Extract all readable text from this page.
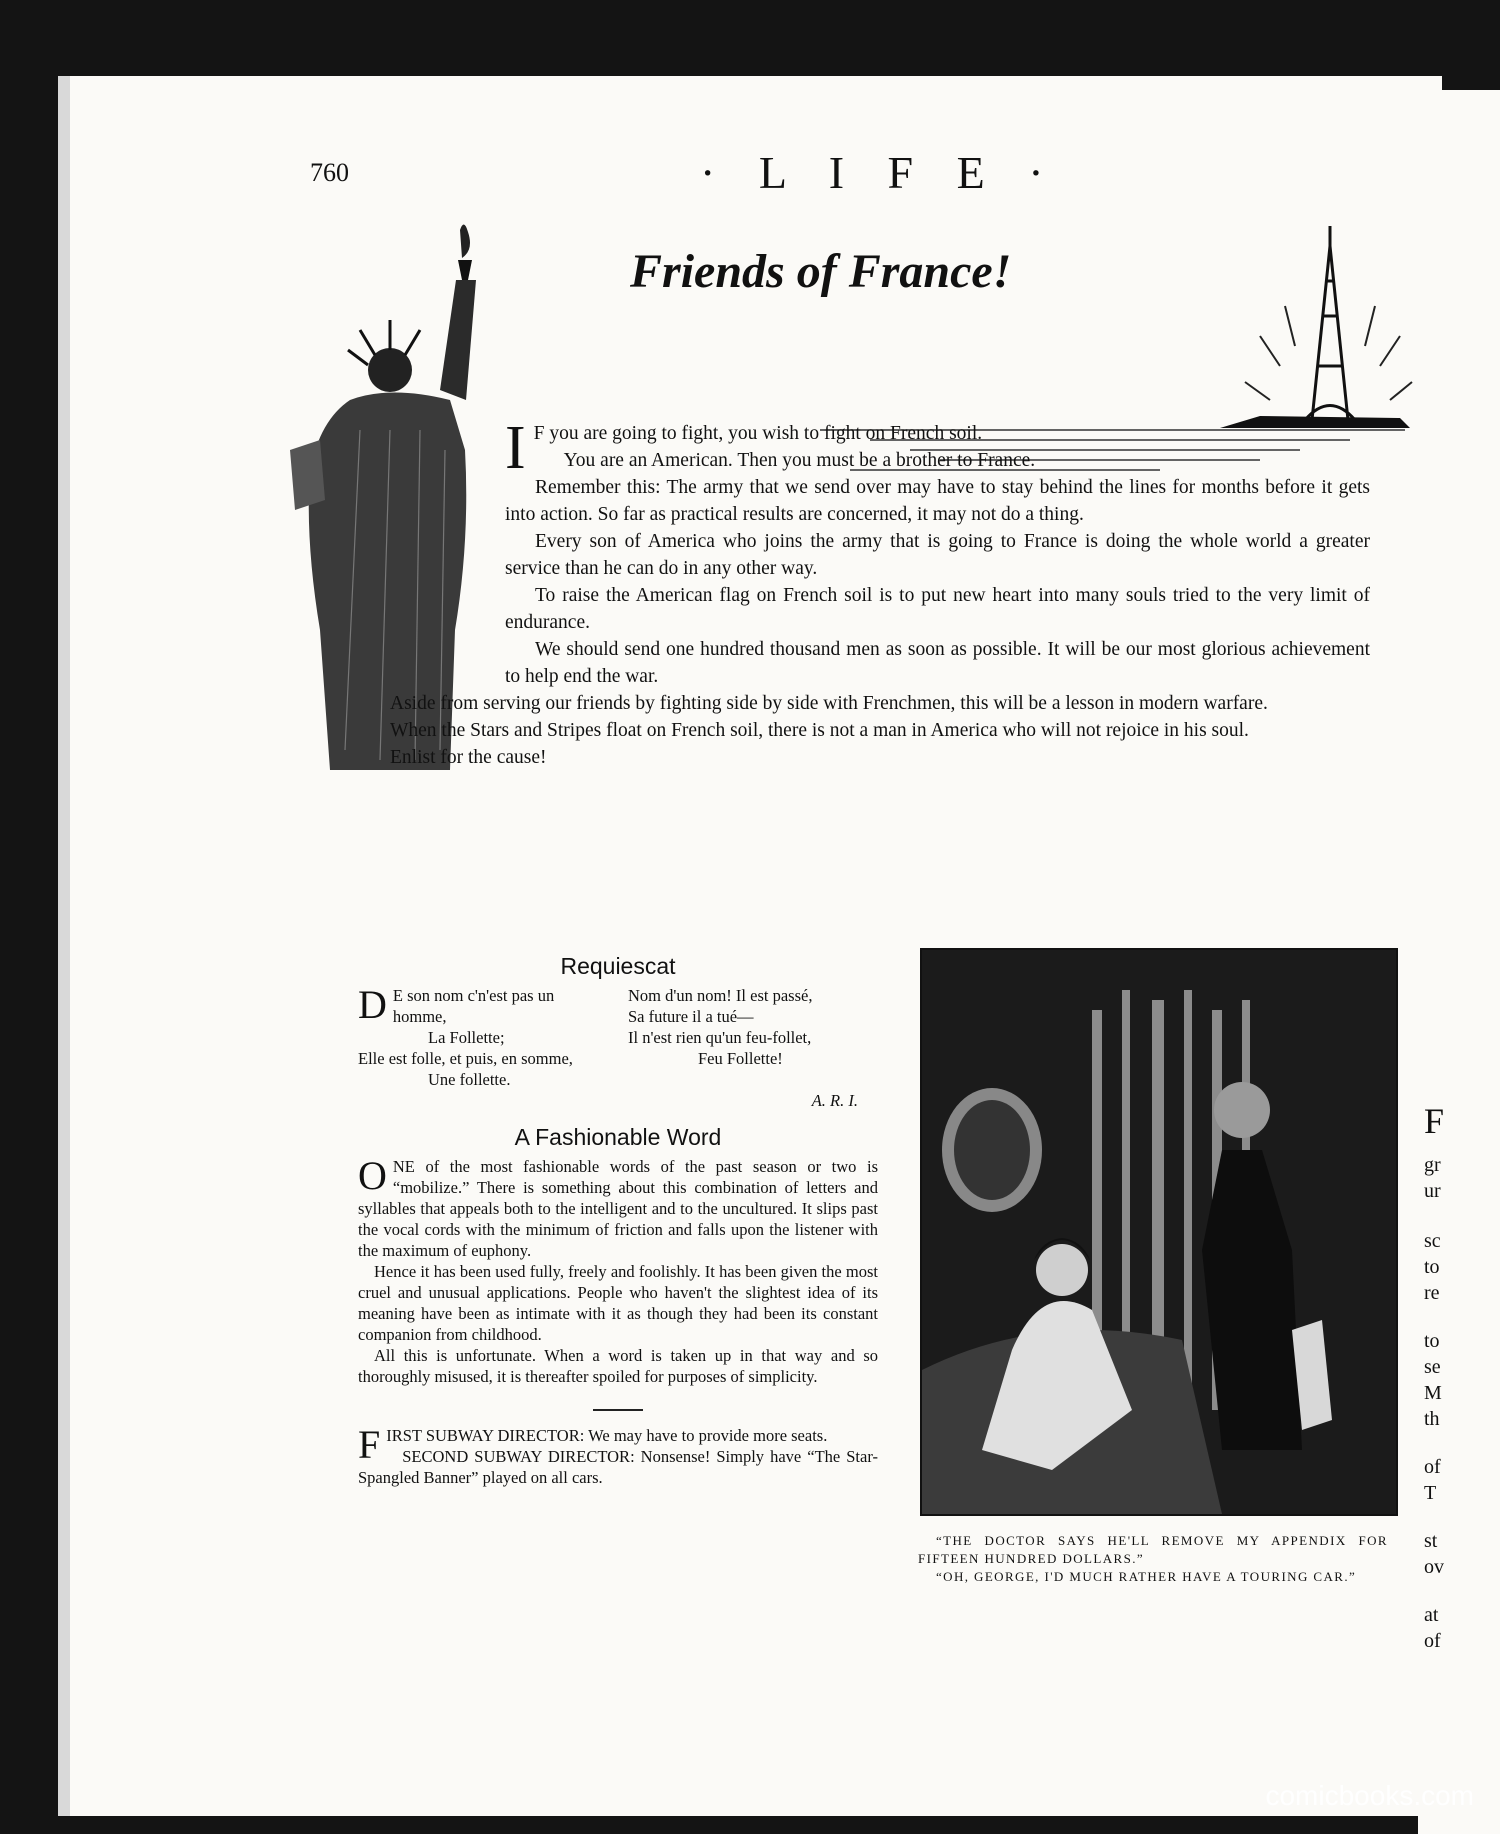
760	· L I F E ·
Friends of France!

I F you are going to fight, you wish to fight on French soil.

You are an American. Then you must be a brother to France.

Remember this: The army that we send over may have to stay behind the lines for months before it gets into action. So far as practical results are concerned, it may not do a thing.

Every son of America who joins the army that is going to France is doing the whole world a greater service than he can do in any other way.

To raise the American flag on French soil is to put new heart into many souls tried to the very limit of endurance.

We should send one hundred thousand men as soon as possible. It will be our most glorious achievement to help end the war.

Aside from serving our friends by fighting side by side with Frenchmen, this will be a lesson in modern warfare.

When the Stars and Stripes float on French soil, there is not a man in America who will not rejoice in his soul.

Enlist for the cause!

Requiescat

D E son nom c'n'est pas un homme,

La Follette;

Elle est folle, et puis, en somme,

Une follette.

Nom d'un nom! Il est passé,

Sa future il a tué—

Il n'est rien qu'un feu-follet,

Feu Follette!

A. R. I.
A Fashionable Word

ONE of the most fashionable words of the past season or two is “mobilize.” There is something about this combination of letters and syllables that appeals both to the intelligent and to the uncultured. It slips past the vocal cords with the minimum of friction and falls upon the listener with the maximum of euphony.

Hence it has been used fully, freely and foolishly. It has been given the most cruel and unusual applications. People who haven't the slightest idea of its meaning have been as intimate with it as though they had been its constant companion from childhood.

All this is unfortunate. When a word is taken up in that way and so thoroughly misused, it is thereafter spoiled for purposes of simplicity.

FIRST SUBWAY DIRECTOR: We may have to provide more seats.

SECOND SUBWAY DIRECTOR: Nonsense! Simply have “The Star-Spangled Banner” played on all cars.

“THE DOCTOR SAYS HE'LL REMOVE MY APPENDIX FOR FIFTEEN HUNDRED DOLLARS.”

“OH, GEORGE, I'D MUCH RATHER HAVE A TOURING CAR.”

F
gr
ur
sc
to
re
to
se
M
th
of
T
st
ov
at
of
comicbooks.com
